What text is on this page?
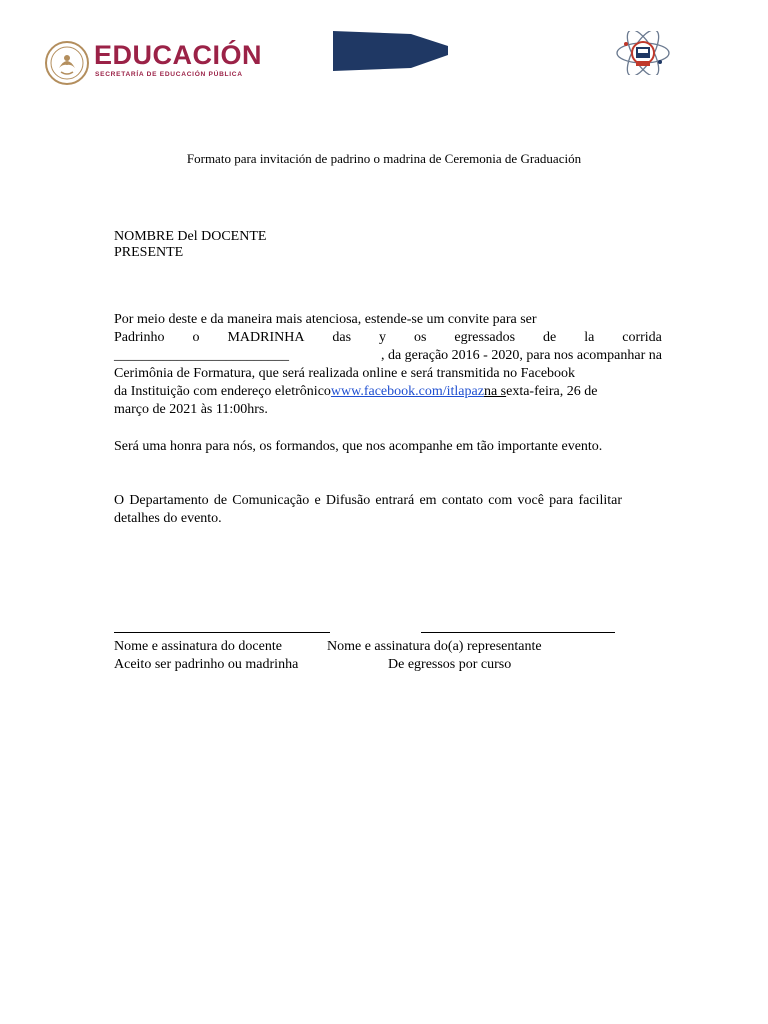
EDUCACIÓN
SECRETARÍA DE EDUCACIÓN PÚBLICA
Formato para invitación de padrino o madrina de Ceremonia de Graduación
NOMBRE Del DOCENTE
PRESENTE
Por meio deste e da maneira mais atenciosa, estende-se um convite para ser
Padrinho o MADRINHA das y os egressados de la corrida
_________________________	, da geração 2016 - 2020, para nos acompanhar na
Cerimônia de Formatura, que será realizada online e será transmitida no Facebook
da Instituição com endereço eletrônicowww.facebook.com/itlapazna sexta-feira, 26 de
março de 2021 às 11:00hrs.
Será uma honra para nós, os formandos, que nos acompanhe em tão importante evento.
O Departamento de Comunicação e Difusão entrará em contato com você para facilitar detalhes do evento.
Nome e assinatura do docente
Aceito ser padrinho ou madrinha
Nome e assinatura do(a) representante
De egressos por curso
